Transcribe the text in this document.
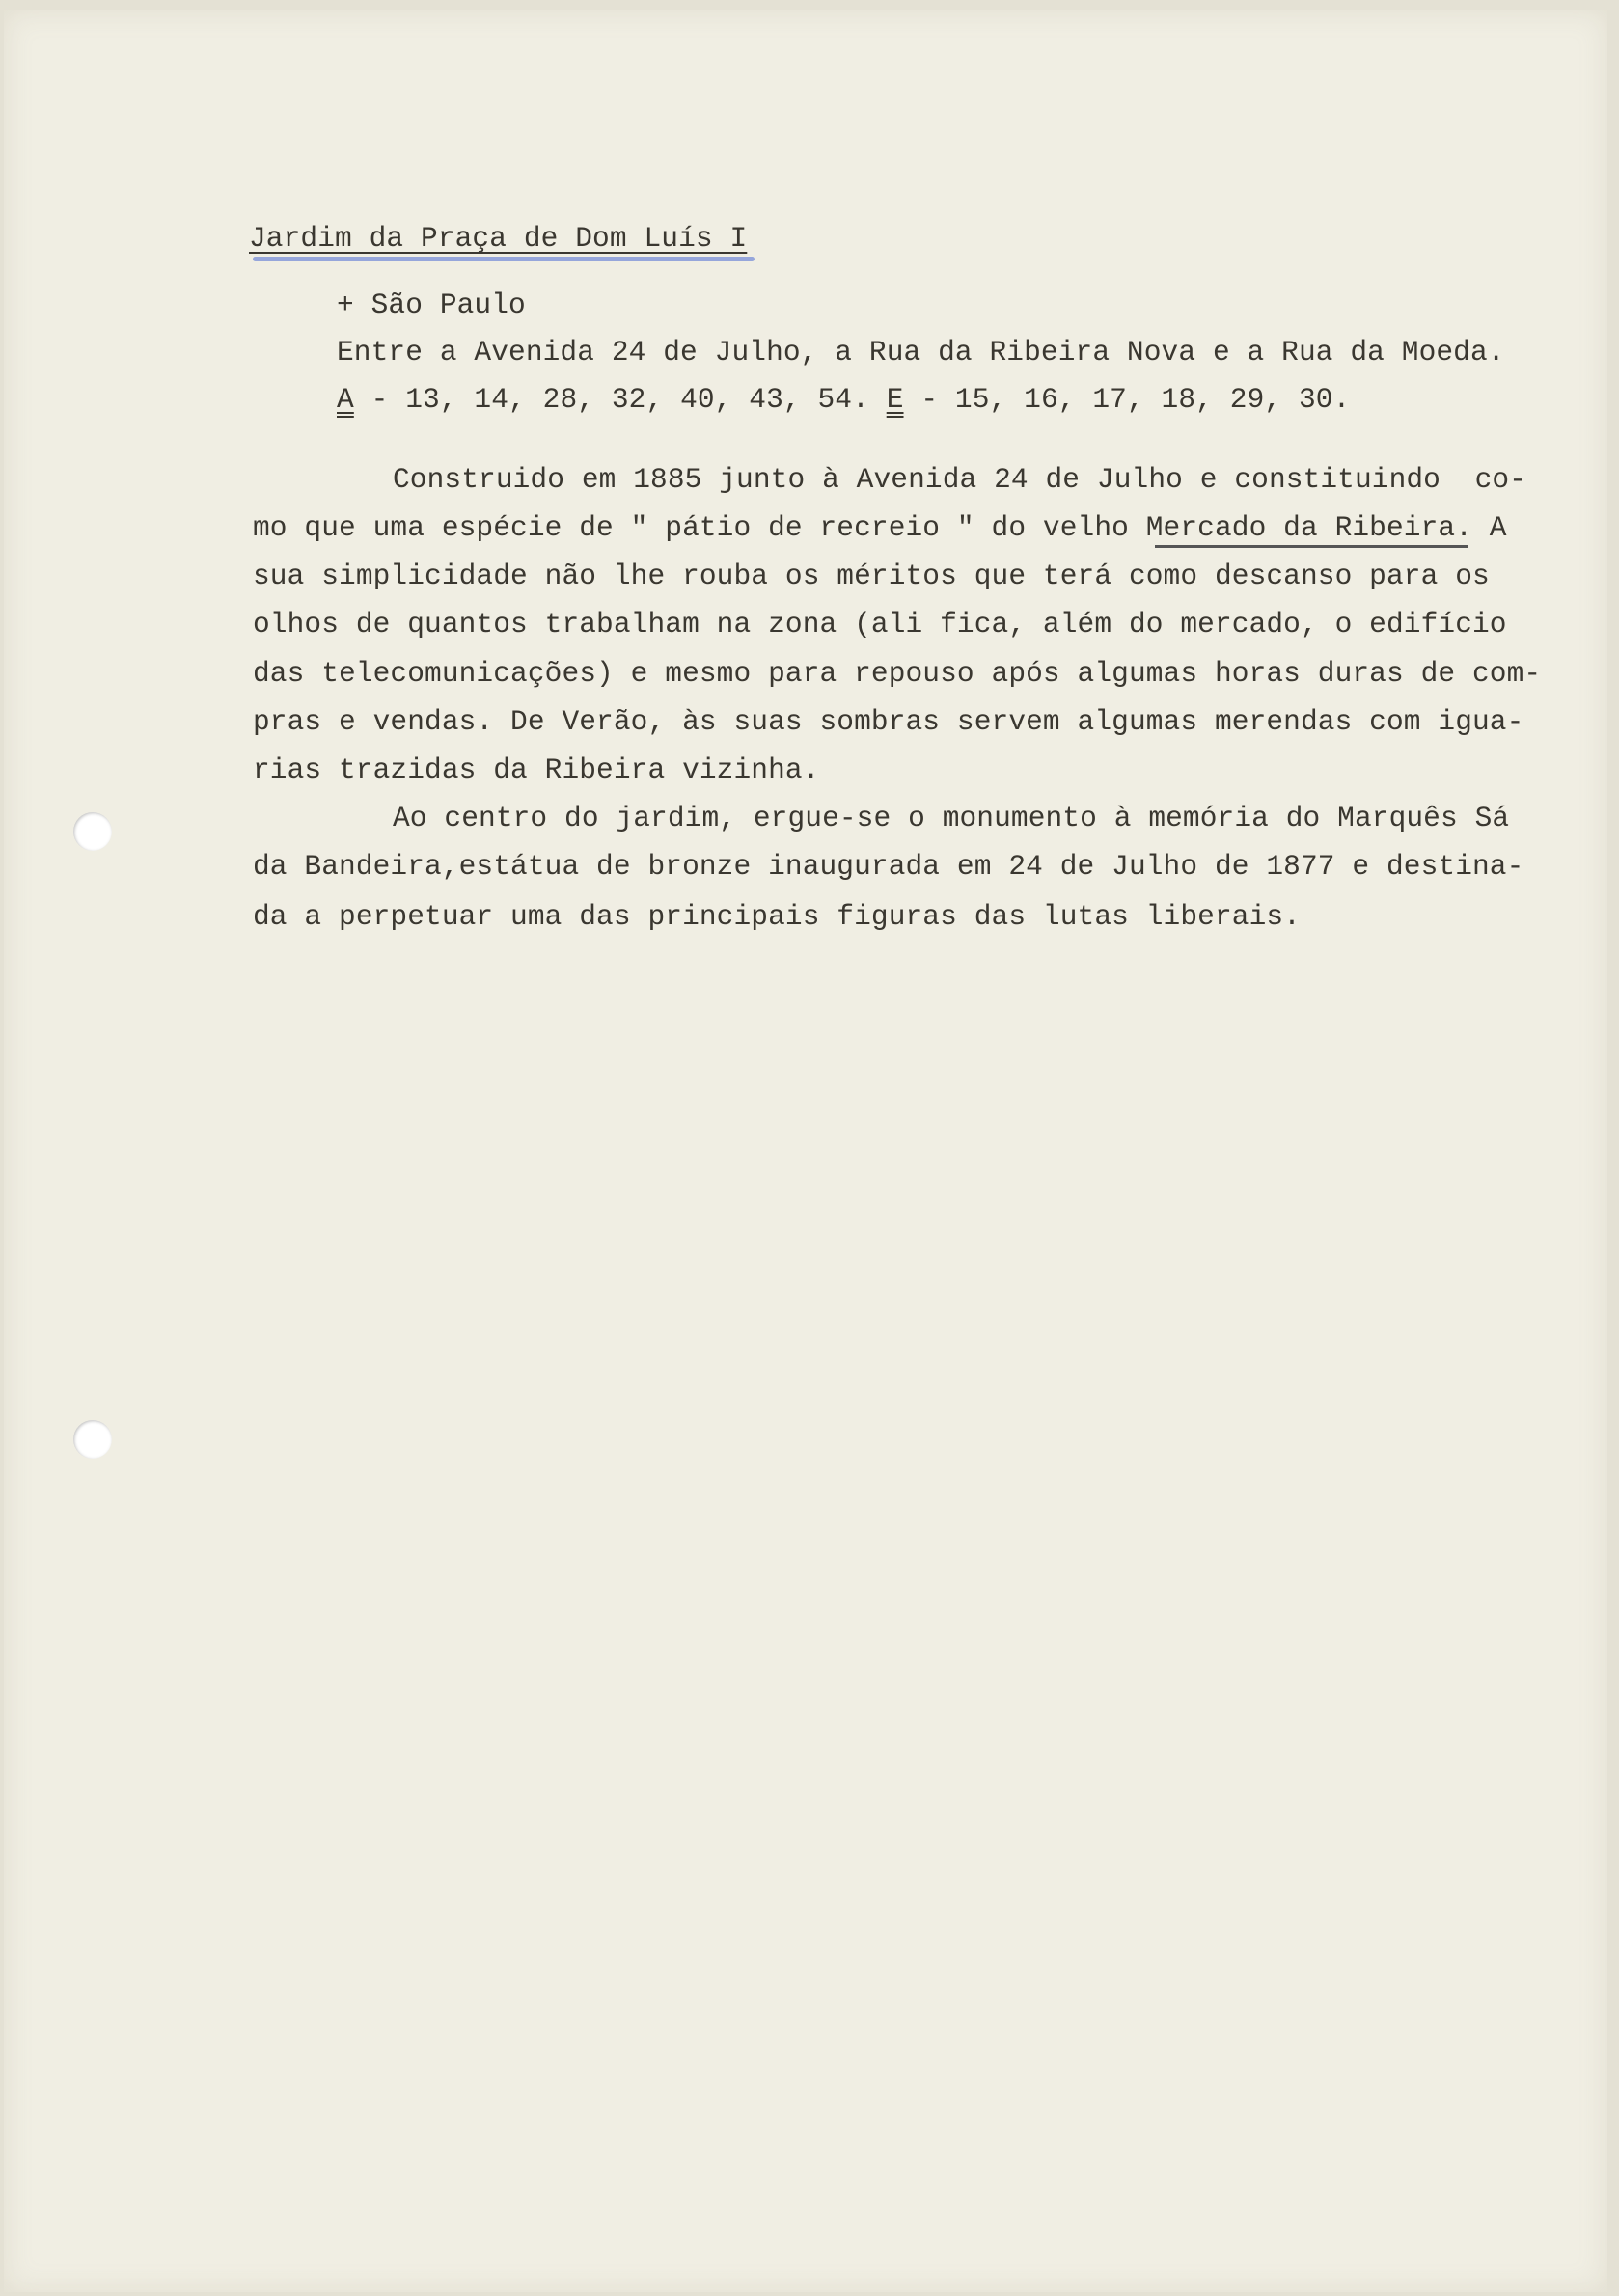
Jardim da Praça de Dom Luís I
+ São Paulo
Entre a Avenida 24 de Julho, a Rua da Ribeira Nova e a Rua da Moeda.
A - 13, 14, 28, 32, 40, 43, 54. E - 15, 16, 17, 18, 29, 30.
Construido em 1885 junto à Avenida 24 de Julho e constituindo  co-
mo que uma espécie de " pátio de recreio " do velho Mercado da Ribeira. A
sua simplicidade não lhe rouba os méritos que terá como descanso para os
olhos de quantos trabalham na zona (ali fica, além do mercado, o edifício
das telecomunicações) e mesmo para repouso após algumas horas duras de com-
pras e vendas. De Verão, às suas sombras servem algumas merendas com igua-
rias trazidas da Ribeira vizinha.
Ao centro do jardim, ergue-se o monumento à memória do Marquês Sá
da Bandeira,estátua de bronze inaugurada em 24 de Julho de 1877 e destina-
da a perpetuar uma das principais figuras das lutas liberais.
